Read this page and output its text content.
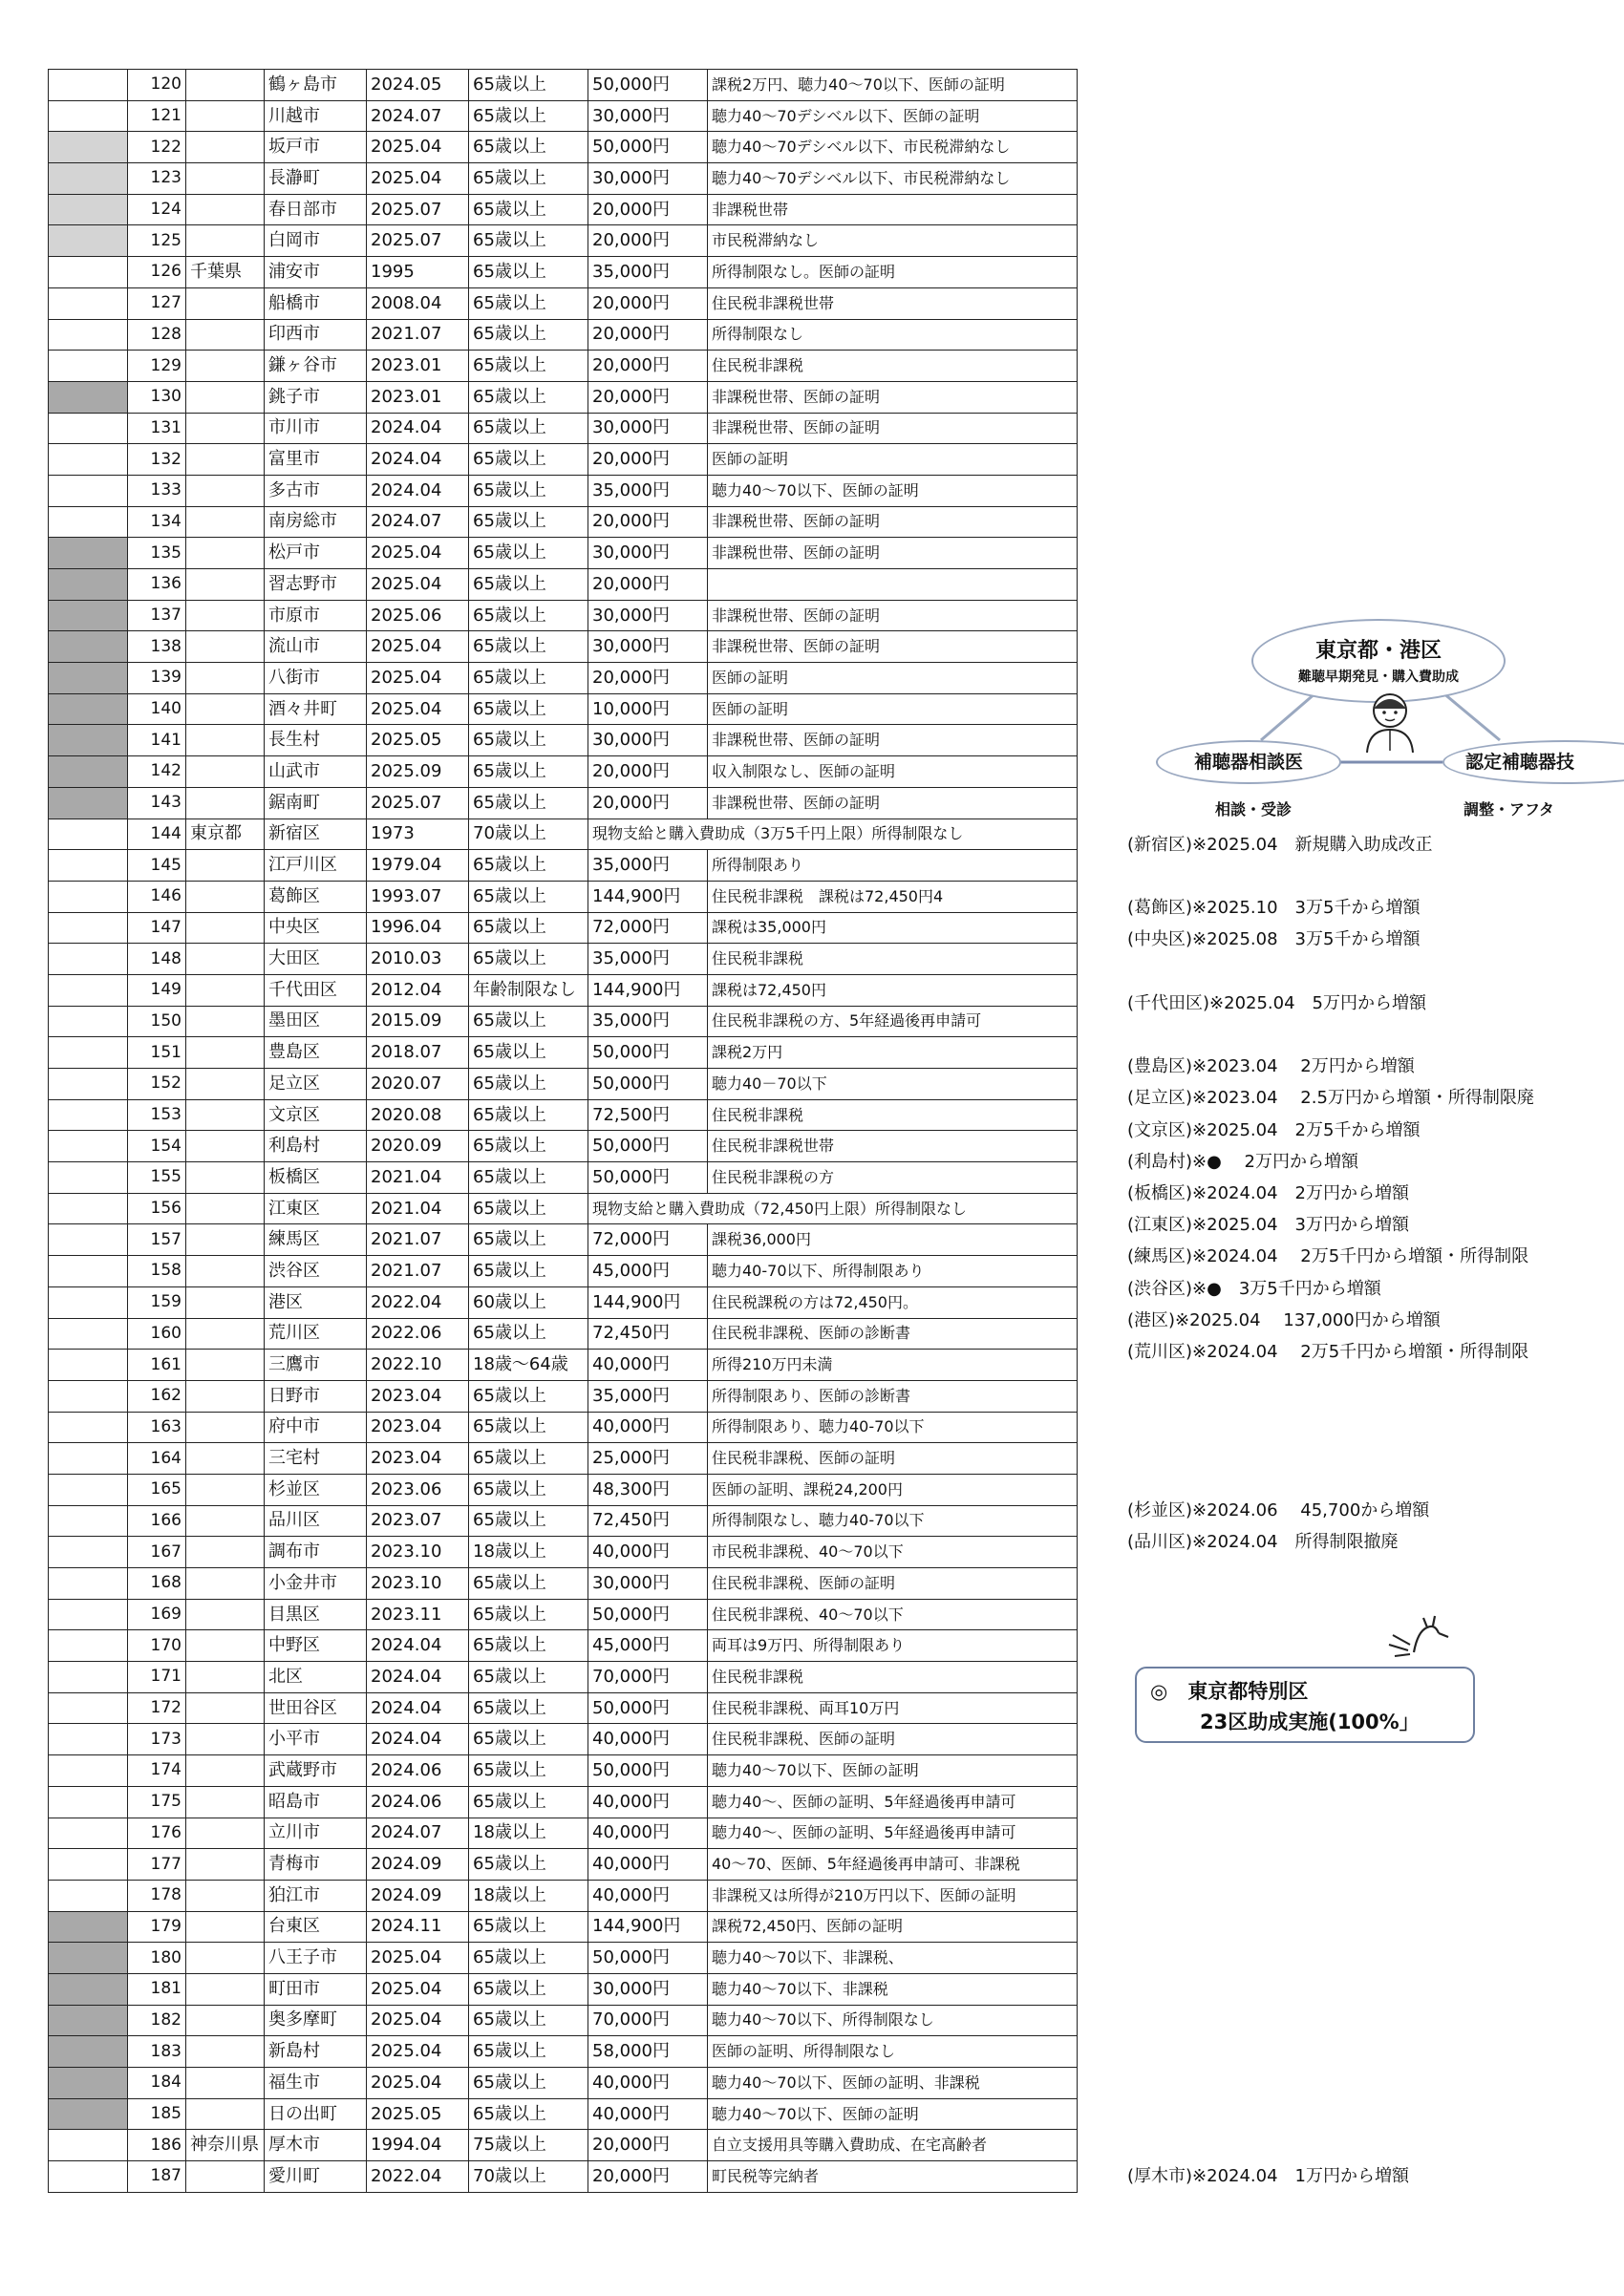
	120		鶴ヶ島市	2024.05	65歳以上	50,000円	課税2万円、聴力40～70以下、医師の証明
	121		川越市	2024.07	65歳以上	30,000円	聴力40～70デシベル以下、医師の証明
	122		坂戸市	2025.04	65歳以上	50,000円	聴力40～70デシベル以下、市民税滞納なし
	123		長瀞町	2025.04	65歳以上	30,000円	聴力40～70デシベル以下、市民税滞納なし
	124		春日部市	2025.07	65歳以上	20,000円	非課税世帯
	125		白岡市	2025.07	65歳以上	20,000円	市民税滞納なし
	126	千葉県	浦安市	1995	65歳以上	35,000円	所得制限なし。医師の証明
	127		船橋市	2008.04	65歳以上	20,000円	住民税非課税世帯
	128		印西市	2021.07	65歳以上	20,000円	所得制限なし
	129		鎌ヶ谷市	2023.01	65歳以上	20,000円	住民税非課税
	130		銚子市	2023.01	65歳以上	20,000円	非課税世帯、医師の証明
	131		市川市	2024.04	65歳以上	30,000円	非課税世帯、医師の証明
	132		富里市	2024.04	65歳以上	20,000円	医師の証明
	133		多古市	2024.04	65歳以上	35,000円	聴力40～70以下、医師の証明
	134		南房総市	2024.07	65歳以上	20,000円	非課税世帯、医師の証明
	135		松戸市	2025.04	65歳以上	30,000円	非課税世帯、医師の証明
	136		習志野市	2025.04	65歳以上	20,000円	
	137		市原市	2025.06	65歳以上	30,000円	非課税世帯、医師の証明
	138		流山市	2025.04	65歳以上	30,000円	非課税世帯、医師の証明
	139		八街市	2025.04	65歳以上	20,000円	医師の証明
	140		酒々井町	2025.04	65歳以上	10,000円	医師の証明
	141		長生村	2025.05	65歳以上	30,000円	非課税世帯、医師の証明
	142		山武市	2025.09	65歳以上	20,000円	収入制限なし、医師の証明
	143		鋸南町	2025.07	65歳以上	20,000円	非課税世帯、医師の証明
	144	東京都	新宿区	1973	70歳以上	現物支給と購入費助成（3万5千円上限）所得制限なし	
	145		江戸川区	1979.04	65歳以上	35,000円	所得制限あり
	146		葛飾区	1993.07	65歳以上	144,900円	住民税非課税　課税は72,450円4
	147		中央区	1996.04	65歳以上	72,000円	課税は35,000円
	148		大田区	2010.03	65歳以上	35,000円	住民税非課税
	149		千代田区	2012.04	年齢制限なし	144,900円	課税は72,450円
	150		墨田区	2015.09	65歳以上	35,000円	住民税非課税の方、5年経過後再申請可
	151		豊島区	2018.07	65歳以上	50,000円	課税2万円
	152		足立区	2020.07	65歳以上	50,000円	聴力40－70以下
	153		文京区	2020.08	65歳以上	72,500円	住民税非課税
	154		利島村	2020.09	65歳以上	50,000円	住民税非課税世帯
	155		板橋区	2021.04	65歳以上	50,000円	住民税非課税の方
	156		江東区	2021.04	65歳以上	現物支給と購入費助成（72,450円上限）所得制限なし	
	157		練馬区	2021.07	65歳以上	72,000円	課税36,000円
	158		渋谷区	2021.07	65歳以上	45,000円	聴力40-70以下、所得制限あり
	159		港区	2022.04	60歳以上	144,900円	住民税課税の方は72,450円。
	160		荒川区	2022.06	65歳以上	72,450円	住民税非課税、医師の診断書
	161		三鷹市	2022.10	18歳～64歳	40,000円	所得210万円未満
	162		日野市	2023.04	65歳以上	35,000円	所得制限あり、医師の診断書
	163		府中市	2023.04	65歳以上	40,000円	所得制限あり、聴力40-70以下
	164		三宅村	2023.04	65歳以上	25,000円	住民税非課税、医師の証明
	165		杉並区	2023.06	65歳以上	48,300円	医師の証明、課税24,200円
	166		品川区	2023.07	65歳以上	72,450円	所得制限なし、聴力40-70以下
	167		調布市	2023.10	18歳以上	40,000円	市民税非課税、40～70以下
	168		小金井市	2023.10	65歳以上	30,000円	住民税非課税、医師の証明
	169		目黒区	2023.11	65歳以上	50,000円	住民税非課税、40～70以下
	170		中野区	2024.04	65歳以上	45,000円	両耳は9万円、所得制限あり
	171		北区	2024.04	65歳以上	70,000円	住民税非課税
	172		世田谷区	2024.04	65歳以上	50,000円	住民税非課税、両耳10万円
	173		小平市	2024.04	65歳以上	40,000円	住民税非課税、医師の証明
	174		武蔵野市	2024.06	65歳以上	50,000円	聴力40～70以下、医師の証明
	175		昭島市	2024.06	65歳以上	40,000円	聴力40～、医師の証明、5年経過後再申請可
	176		立川市	2024.07	18歳以上	40,000円	聴力40～、医師の証明、5年経過後再申請可
	177		青梅市	2024.09	65歳以上	40,000円	40～70、医師、5年経過後再申請可、非課税
	178		狛江市	2024.09	18歳以上	40,000円	非課税又は所得が210万円以下、医師の証明
	179		台東区	2024.11	65歳以上	144,900円	課税72,450円、医師の証明
	180		八王子市	2025.04	65歳以上	50,000円	聴力40～70以下、非課税、
	181		町田市	2025.04	65歳以上	30,000円	聴力40～70以下、非課税
	182		奥多摩町	2025.04	65歳以上	70,000円	聴力40～70以下、所得制限なし
	183		新島村	2025.04	65歳以上	58,000円	医師の証明、所得制限なし
	184		福生市	2025.04	65歳以上	40,000円	聴力40～70以下、医師の証明、非課税
	185		日の出町	2025.05	65歳以上	40,000円	聴力40～70以下、医師の証明
	186	神奈川県	厚木市	1994.04	75歳以上	20,000円	自立支援用具等購入費助成、在宅高齢者
	187		愛川町	2022.04	70歳以上	20,000円	町民税等完納者
(新宿区)※2025.04　新規購入助成改正
(葛飾区)※2025.10　3万5千から増額
(中央区)※2025.08　3万5千から増額
(千代田区)※2025.04　5万円から増額
(豊島区)※2023.04　 2万円から増額
(足立区)※2023.04　 2.5万円から増額・所得制限廃
(文京区)※2025.04　2万5千から増額
(利島村)※●　 2万円から増額
(板橋区)※2024.04　2万円から増額
(江東区)※2025.04　3万円から増額
(練馬区)※2024.04　 2万5千円から増額・所得制限
(渋谷区)※●　3万5千円から増額
(港区)※2025.04　 137,000円から増額
(荒川区)※2024.04　 2万5千円から増額・所得制限
(杉並区)※2024.06　 45,700から増額
(品川区)※2024.04　所得制限撤廃
(厚木市)※2024.04　1万円から増額
東京都・港区
難聴早期発見・購入費助成
補聴器相談医	認定補聴器技
相談・受診	調整・アフタ
◎　東京都特別区
23区助成実施(100%」
